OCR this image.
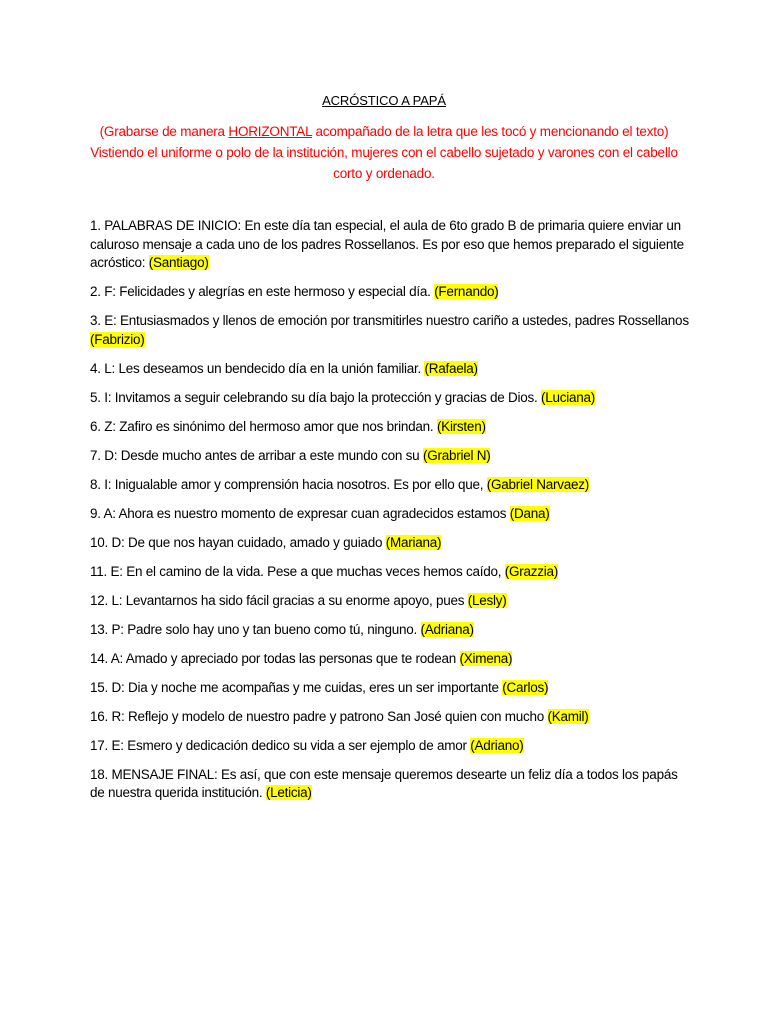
ACRÓSTICO A PAPÁ
(Grabarse de manera HORIZONTAL acompañado de la letra que les tocó y mencionando el texto) Vistiendo el uniforme o polo de la institución, mujeres con el cabello sujetado y varones con el cabello corto y ordenado.
1. PALABRAS DE INICIO: En este día tan especial, el aula de 6to grado B de primaria quiere enviar un caluroso mensaje a cada uno de los padres Rossellanos. Es por eso que hemos preparado el siguiente acróstico: (Santiago)
2. F: Felicidades y alegrías en este hermoso y especial día. (Fernando)
3. E: Entusiasmados y llenos de emoción por transmitirles nuestro cariño a ustedes, padres Rossellanos (Fabrizio)
4. L: Les deseamos un bendecido día en la unión familiar. (Rafaela)
5. I: Invitamos a seguir celebrando su día bajo la protección y gracias de Dios. (Luciana)
6. Z: Zafiro es sinónimo del hermoso amor que nos brindan. (Kirsten)
7. D: Desde mucho antes de arribar a este mundo con su (Grabriel N)
8. I: Inigualable amor y comprensión hacia nosotros. Es por ello que, (Gabriel Narvaez)
9. A: Ahora es nuestro momento de expresar cuan agradecidos estamos (Dana)
10. D: De que nos hayan cuidado, amado y guiado (Mariana)
11. E: En el camino de la vida. Pese a que muchas veces hemos caído, (Grazzia)
12. L: Levantarnos ha sido fácil gracias a su enorme apoyo, pues (Lesly)
13. P: Padre solo hay uno y tan bueno como tú, ninguno. (Adriana)
14. A: Amado y apreciado por todas las personas que te rodean (Ximena)
15. D: Dia y noche me acompañas y me cuidas, eres un ser importante (Carlos)
16. R: Reflejo y modelo de nuestro padre y patrono San José quien con mucho (Kamil)
17. E: Esmero y dedicación dedico su vida a ser ejemplo de amor (Adriano)
18. MENSAJE FINAL: Es así, que con este mensaje queremos desearte un feliz día a todos los papás de nuestra querida institución. (Leticia)
